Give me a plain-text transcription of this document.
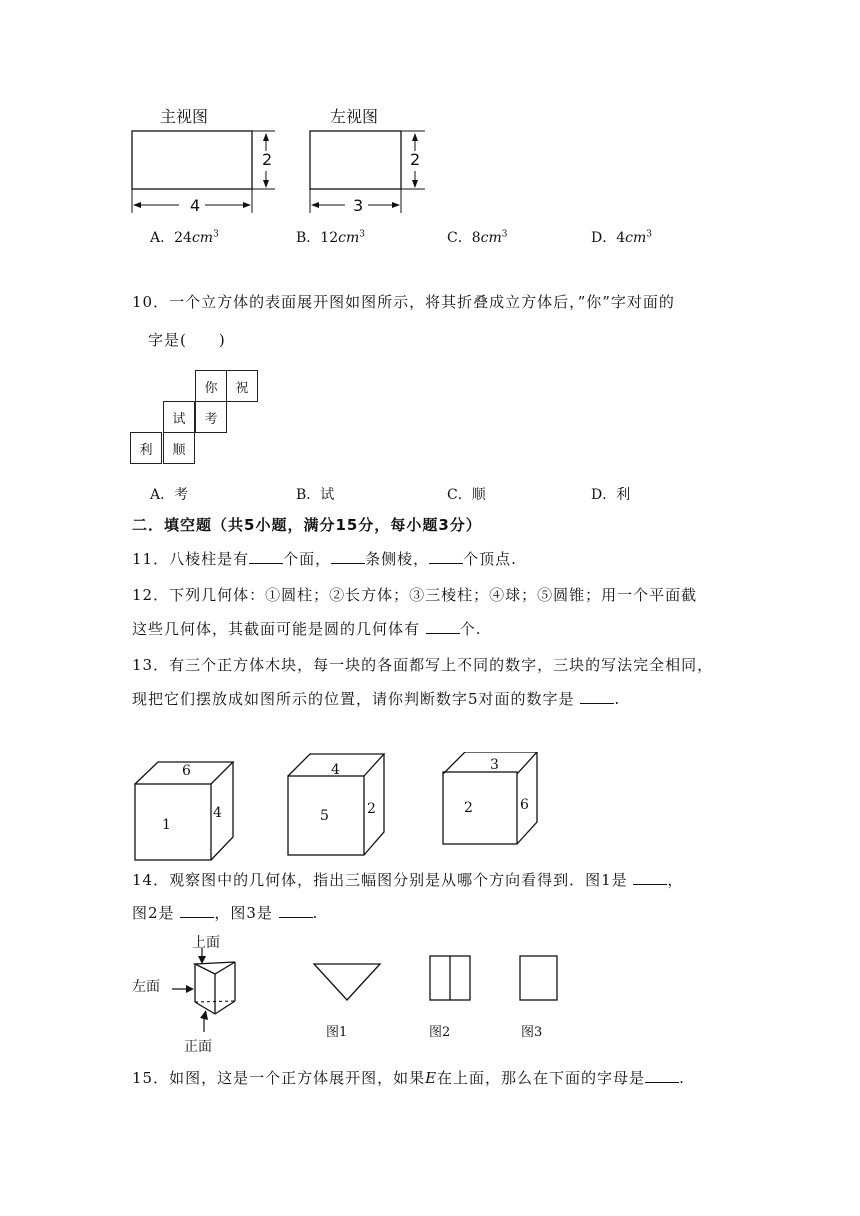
主视图	左视图
2
4
2
3
A．$24cm^3$	B．$12cm^3$	C．$8cm^3$	D．$4cm^3$
10．一个立方体的表面展开图如图所示，将其折叠成立方体后，”你”字对面的
字是(　　)
你	祝
试	考
利	顺
A．考	B．试	C．顺	D．利
二．填空题（共5小题，满分15分，每小题3分）
11．八棱柱是有 个面， 条侧棱， 个顶点.
12．下列几何体：①圆柱；②长方体；③三棱柱；④球；⑤圆锥；用一个平面截
这些几何体，其截面可能是圆的几何体有 个.
13．有三个正方体木块，每一块的各面都写上不同的数字，三块的写法完全相同，
现把它们摆放成如图所示的位置，请你判断数字5对面的数字是 .
6
1
4
4
5	2
3
2	6
14．观察图中的几何体，指出三幅图分别是从哪个方向看得到．图1是 ，
图2是 ，图3是 .
上面
左面
正面
图1	图2	图3
15．如图，这是一个正方体展开图，如果E在上面，那么在下面的字母是 .
